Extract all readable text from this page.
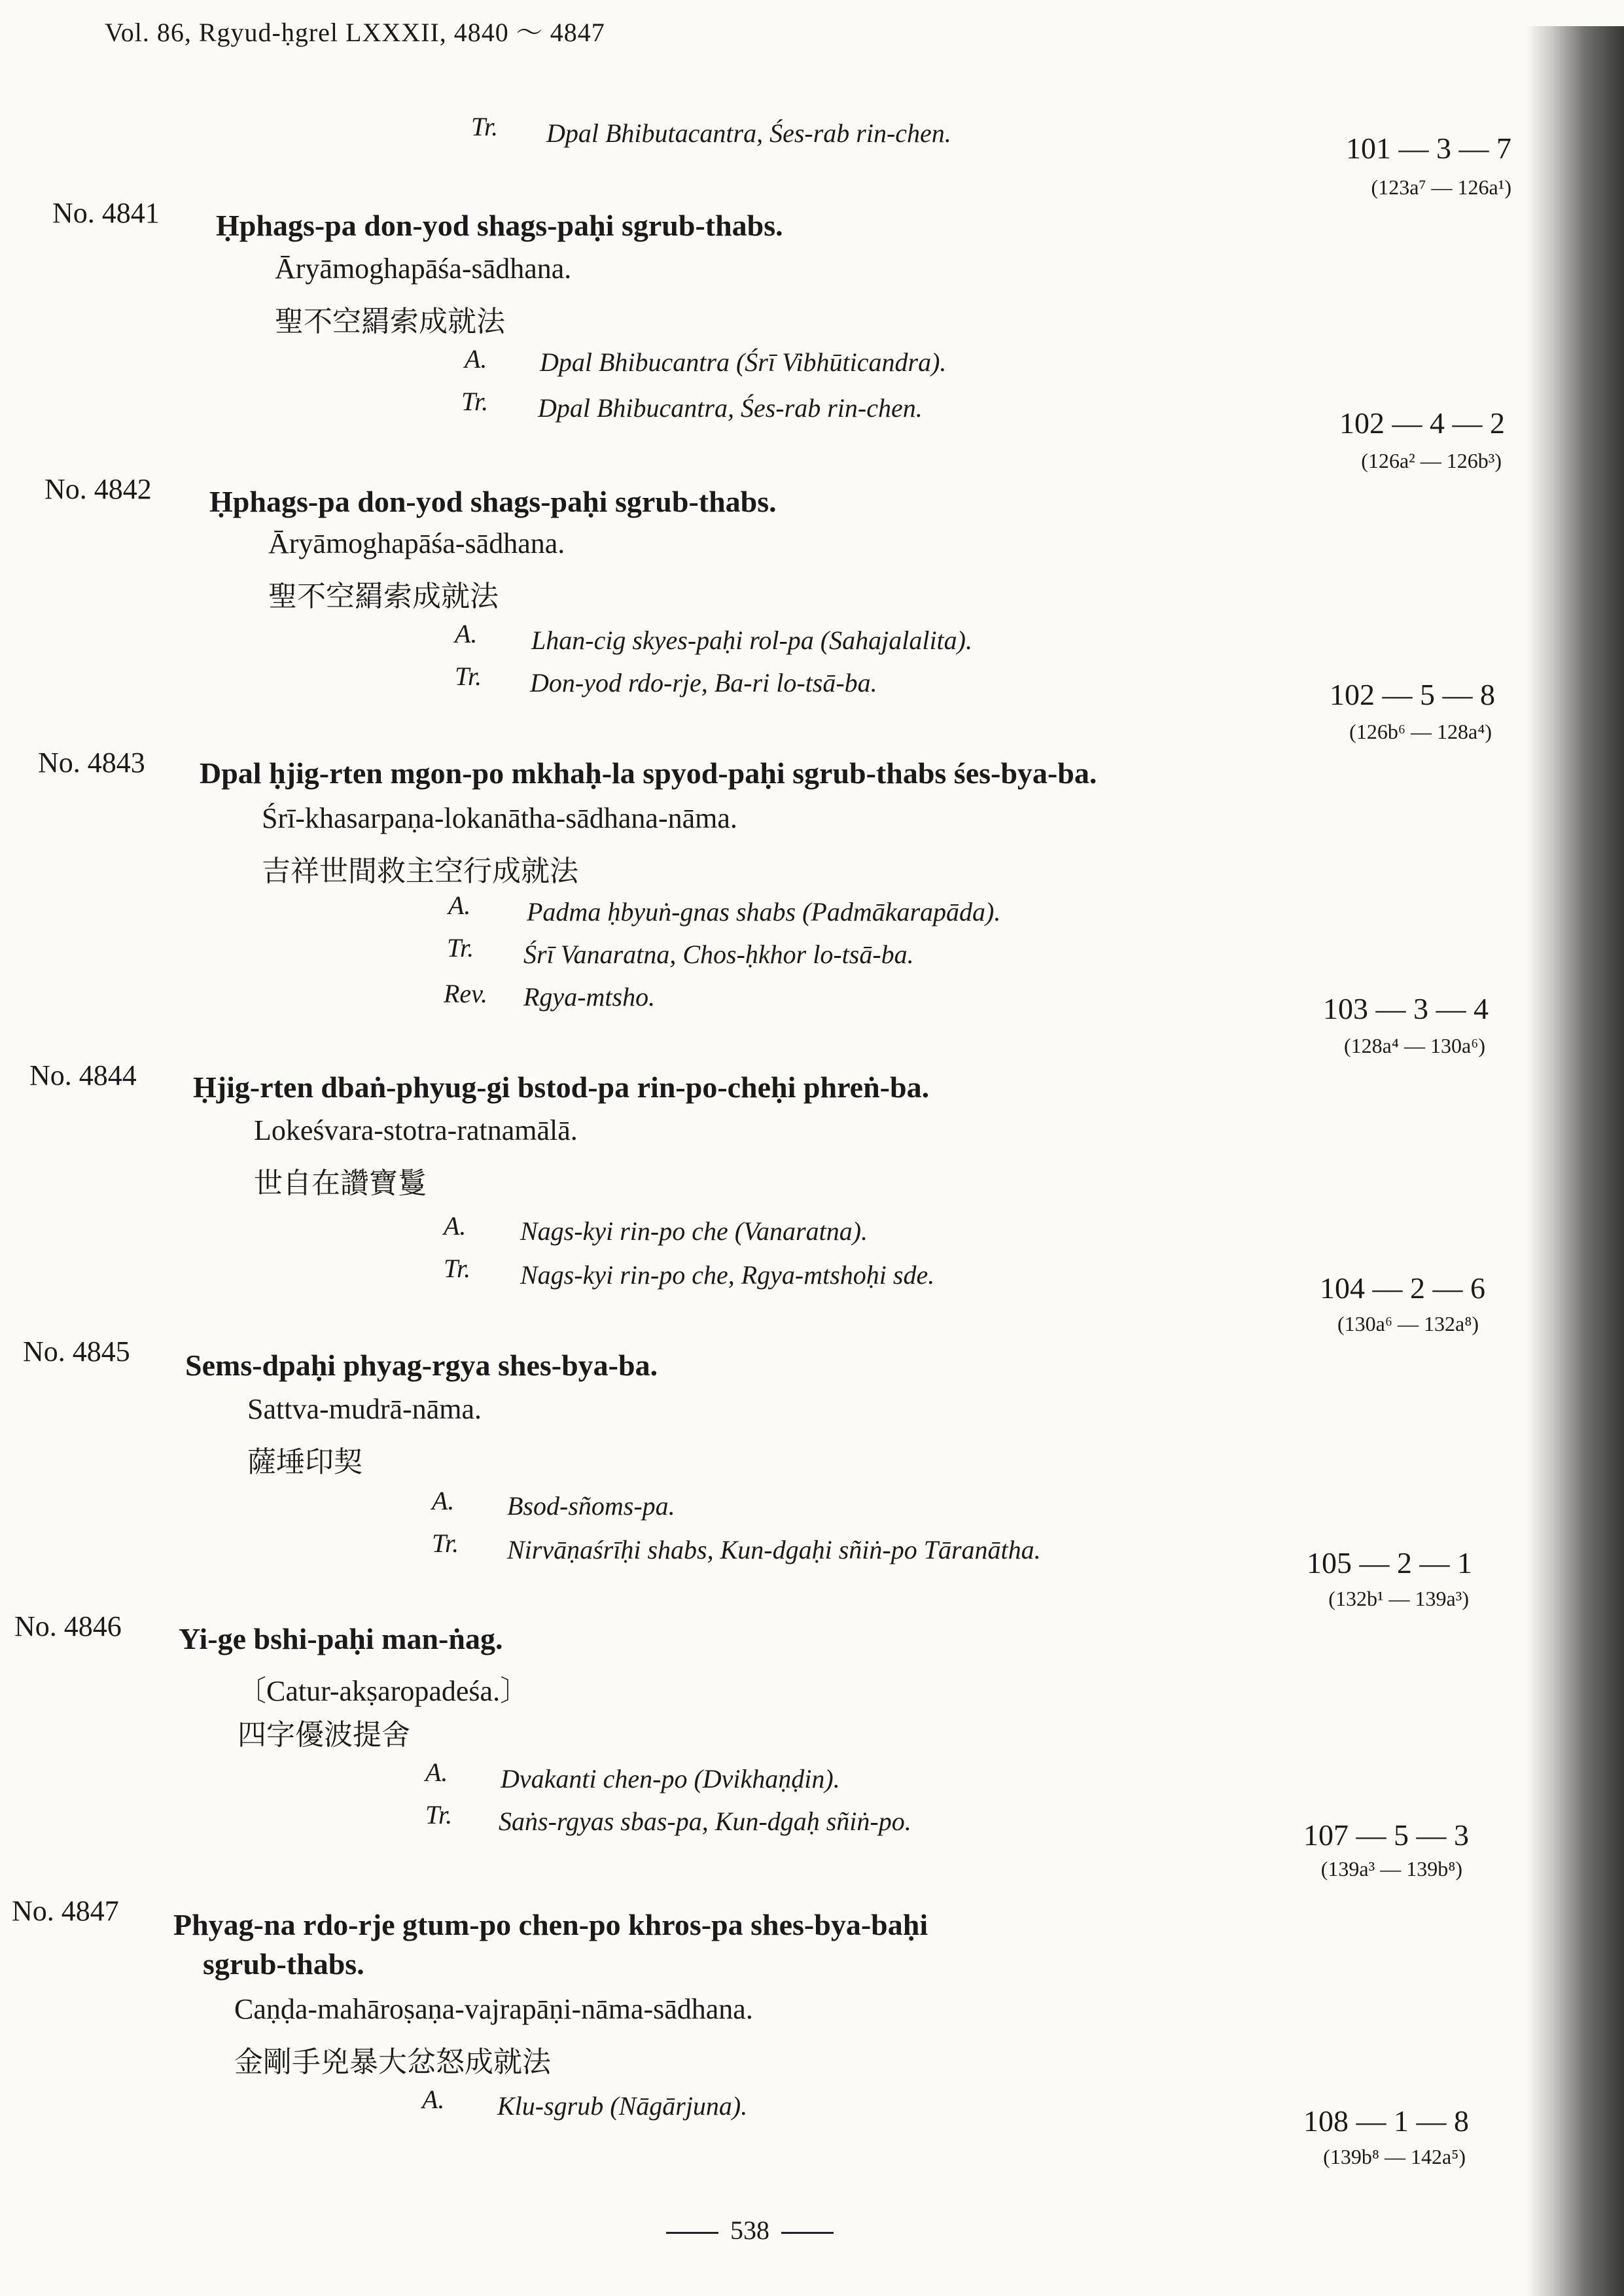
Vol. 86, Rgyud-ḥgrel LXXXII, 4840 ～ 4847
Tr. Dpal Bhibutacantra, Śes-rab rin-chen.	101 — 3 — 7
(123a⁷ — 126a¹)
No. 4841 Ḥphags-pa don-yod shags-paḥi sgrub-thabs.
Āryāmoghapāśa-sādhana.
聖不空羂索成就法
A. Dpal Bhibucantra (Śrī Vibhūticandra).
Tr. Dpal Bhibucantra, Śes-rab rin-chen.	102 — 4 — 2
(126a² — 126b³)
No. 4842 Ḥphags-pa don-yod shags-paḥi sgrub-thabs.
Āryāmoghapāśa-sādhana.
聖不空羂索成就法
A. Lhan-cig skyes-paḥi rol-pa (Sahajalalita).
Tr. Don-yod rdo-rje, Ba-ri lo-tsā-ba.	102 — 5 — 8
(126b⁶ — 128a⁴)
No. 4843 Dpal ḥjig-rten mgon-po mkhaḥ-la spyod-paḥi sgrub-thabs śes-bya-ba.
Śrī-khasarpaṇa-lokanātha-sādhana-nāma.
吉祥世間救主空行成就法
A. Padma ḥbyuṅ-gnas shabs (Padmākarapāda).
Tr. Śrī Vanaratna, Chos-ḥkhor lo-tsā-ba.
Rev. Rgya-mtsho.	103 — 3 — 4
(128a⁴ — 130a⁶)
No. 4844 Ḥjig-rten dbaṅ-phyug-gi bstod-pa rin-po-cheḥi phreṅ-ba.
Lokeśvara-stotra-ratnamālā.
世自在讚寶鬘
A. Nags-kyi rin-po che (Vanaratna).
Tr. Nags-kyi rin-po che, Rgya-mtshoḥi sde.	104 — 2 — 6
(130a⁶ — 132a⁸)
No. 4845 Sems-dpaḥi phyag-rgya shes-bya-ba.
Sattva-mudrā-nāma.
薩埵印契
A. Bsod-sñoms-pa.
Tr. Nirvāṇaśrīḥi shabs, Kun-dgaḥi sñiṅ-po Tāranātha.	105 — 2 — 1
(132b¹ — 139a³)
No. 4846 Yi-ge bshi-paḥi man-ṅag.
〔Catur-akṣaropadeśa.〕
四字優波提舍
A. Dvakanti chen-po (Dvikhaṇḍin).
Tr. Saṅs-rgyas sbas-pa, Kun-dgaḥ sñiṅ-po.	107 — 5 — 3
(139a³ — 139b⁸)
No. 4847 Phyag-na rdo-rje gtum-po chen-po khros-pa shes-bya-baḥi
sgrub-thabs.
Caṇḍa-mahāroṣaṇa-vajrapāṇi-nāma-sādhana.
金剛手兇暴大忿怒成就法
A. Klu-sgrub (Nāgārjuna).	108 — 1 — 8
(139b⁸ — 142a⁵)
538
